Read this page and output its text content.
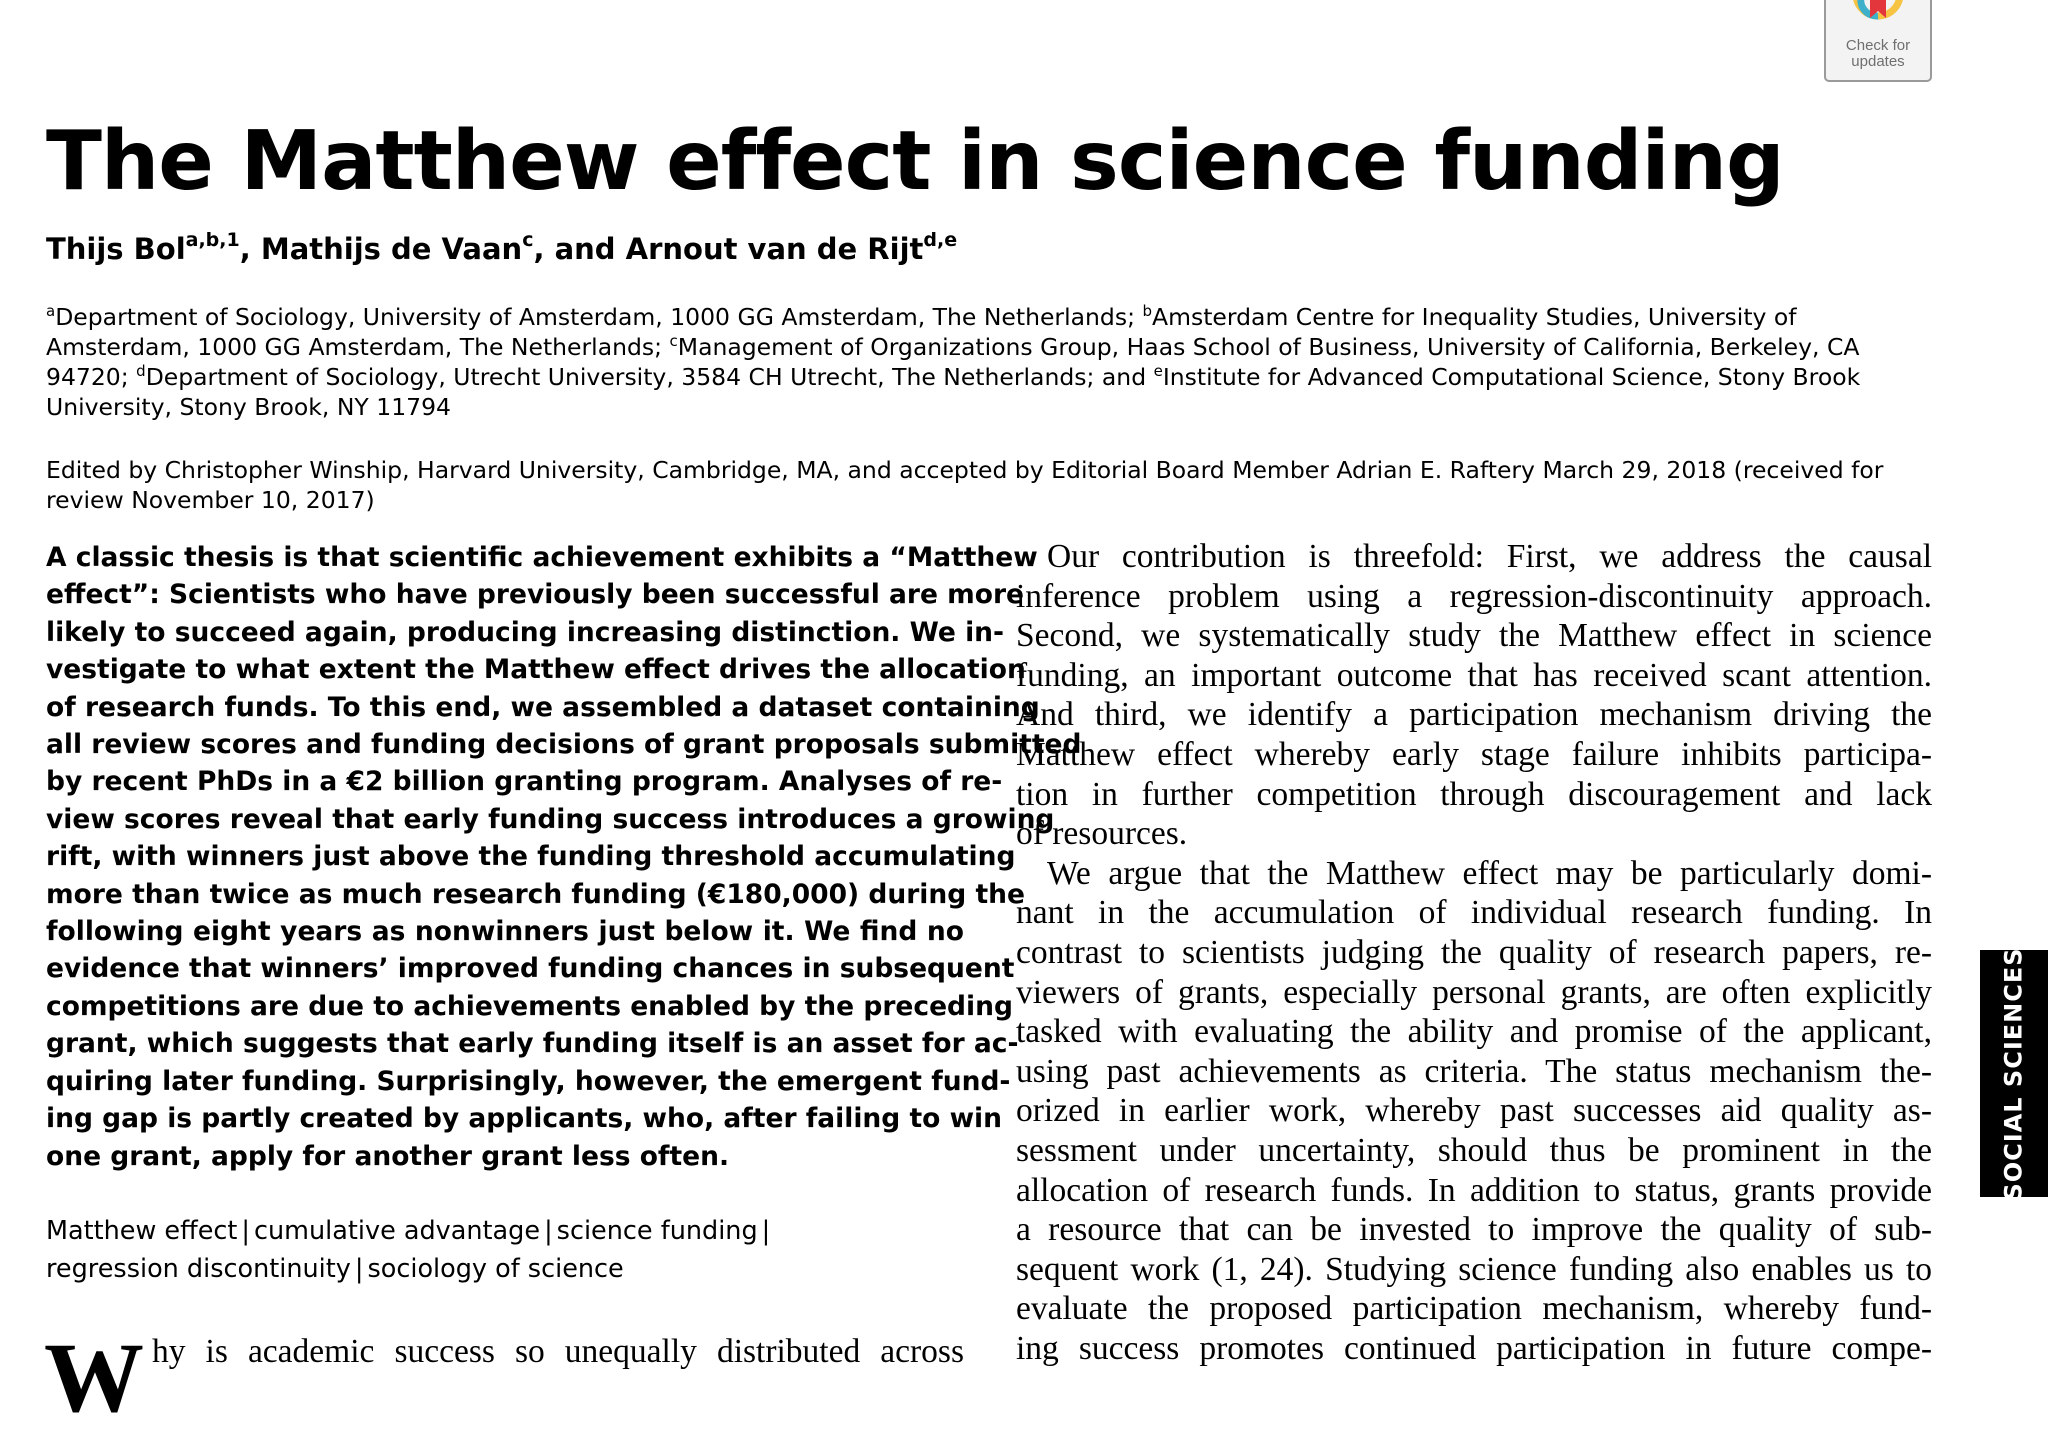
Check for updates
The Matthew effect in science funding

Thijs Bol$^{a,b,1}$, Mathijs de Vaan$^c$, and Arnout van de Rijt$^{d,e}$

$^a$Department of Sociology, University of Amsterdam, 1000 GG Amsterdam, The Netherlands; $^b$Amsterdam Centre for Inequality Studies, University of
Amsterdam, 1000 GG Amsterdam, The Netherlands; $^c$Management of Organizations Group, Haas School of Business, University of California, Berkeley, CA
94720; $^d$Department of Sociology, Utrecht University, 3584 CH Utrecht, The Netherlands; and $^e$Institute for Advanced Computational Science, Stony Brook
University, Stony Brook, NY 11794

Edited by Christopher Winship, Harvard University, Cambridge, MA, and accepted by Editorial Board Member Adrian E. Raftery March 29, 2018 (received for
review November 10, 2017)

A classic thesis is that scientific achievement exhibits a “Matthew
effect”: Scientists who have previously been successful are more
likely to succeed again, producing increasing distinction. We in-
vestigate to what extent the Matthew effect drives the allocation
of research funds. To this end, we assembled a dataset containing
all review scores and funding decisions of grant proposals submitted
by recent PhDs in a €2 billion granting program. Analyses of re-
view scores reveal that early funding success introduces a growing
rift, with winners just above the funding threshold accumulating
more than twice as much research funding (€180,000) during the
following eight years as nonwinners just below it. We find no
evidence that winners’ improved funding chances in subsequent
competitions are due to achievements enabled by the preceding
grant, which suggests that early funding itself is an asset for ac-
quiring later funding. Surprisingly, however, the emergent fund-
ing gap is partly created by applicants, who, after failing to win
one grant, apply for another grant less often.

Matthew effect | cumulative advantage | science funding |
regression discontinuity | sociology of science

W hy is academic success so unequally distributed across
Our contribution is threefold: First, we address the causal
inference problem using a regression-discontinuity approach.
Second, we systematically study the Matthew effect in science
funding, an important outcome that has received scant attention.
And third, we identify a participation mechanism driving the
Matthew effect whereby early stage failure inhibits participa-
tion in further competition through discouragement and lack
of resources.
We argue that the Matthew effect may be particularly domi-
nant in the accumulation of individual research funding. In
contrast to scientists judging the quality of research papers, re-
viewers of grants, especially personal grants, are often explicitly
tasked with evaluating the ability and promise of the applicant,
using past achievements as criteria. The status mechanism the-
orized in earlier work, whereby past successes aid quality as-
sessment under uncertainty, should thus be prominent in the
allocation of research funds. In addition to status, grants provide
a resource that can be invested to improve the quality of sub-
sequent work (1, 24). Studying science funding also enables us to
evaluate the proposed participation mechanism, whereby fund-
ing success promotes continued participation in future compe-
SOCIAL SCIENCES
